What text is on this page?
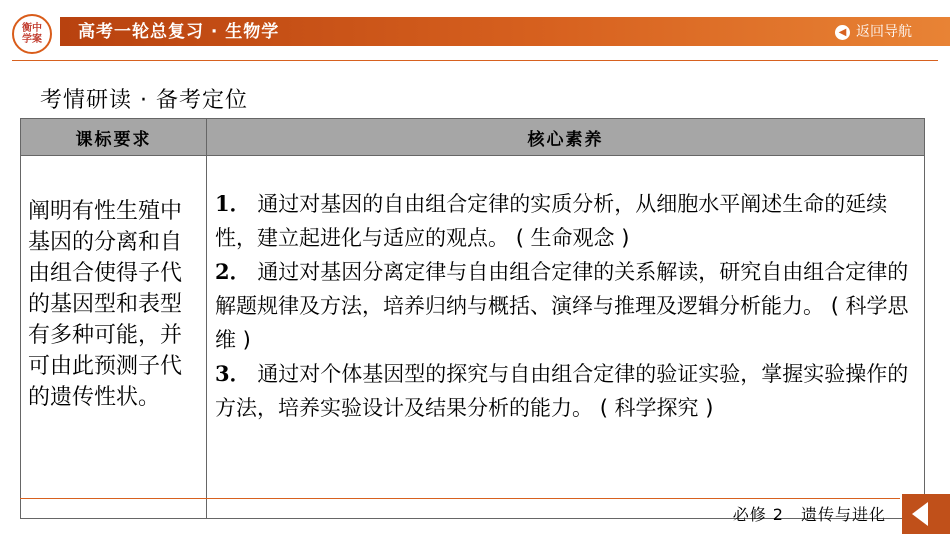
衡中学案 高考一轮总复习 · 生物学	◀ 返回导航
考情研读 · 备考定位
课标要求	核心素养
阐明有性生殖中基因的分离和自由组合使得子代的基因型和表型有多种可能，并可由此预测子代的遗传性状。	1． 通过对基因的自由组合定律的实质分析，从细胞水平阐述生命的延续性，建立起进化与适应的观点。 ( 生命观念 )
2． 通过对基因分离定律与自由组合定律的关系解读，研究自由组合定律的解题规律及方法，培养归纳与概括、演绎与推理及逻辑分析能力。 ( 科学思维 )
3． 通过对个体基因型的探究与自由组合定律的验证实验，掌握实验操作的方法，培养实验设计及结果分析的能力。 ( 科学探究 )
必修 2　遗传与进化
